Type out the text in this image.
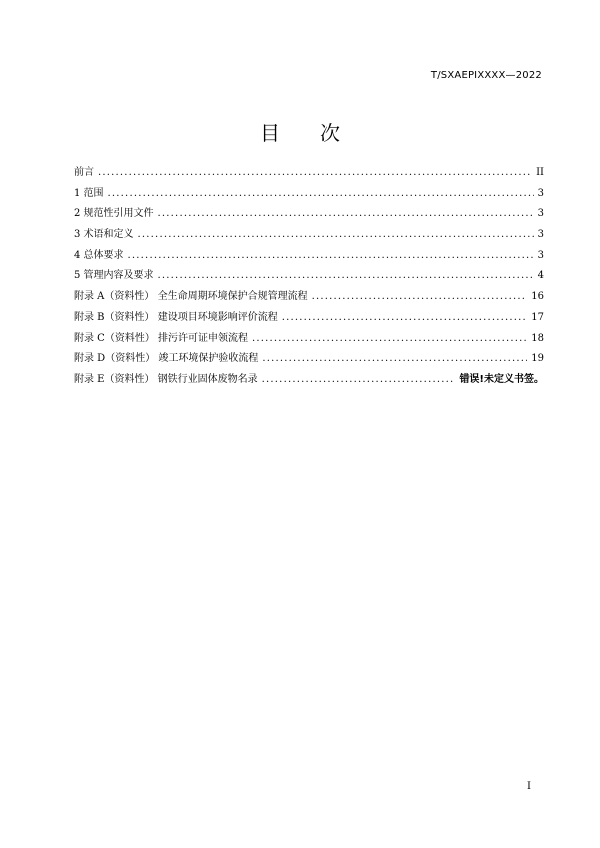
T/SXAEPIXXXX—2022
目 次
前言 .....	II
1 范围 .....	3
2 规范性引用文件 .....	3
3 术语和定义 .....	3
4 总体要求 .....	3
5 管理内容及要求 .....	4
附录 A（资料性） 全生命周期环境保护合规管理流程 .....	16
附录 B（资料性） 建设项目环境影响评价流程 .....	17
附录 C（资料性） 排污许可证申领流程 .....	18
附录 D（资料性） 竣工环境保护验收流程 .....	19
附录 E（资料性） 钢铁行业固体废物名录 .....	错误!未定义书签。
I
